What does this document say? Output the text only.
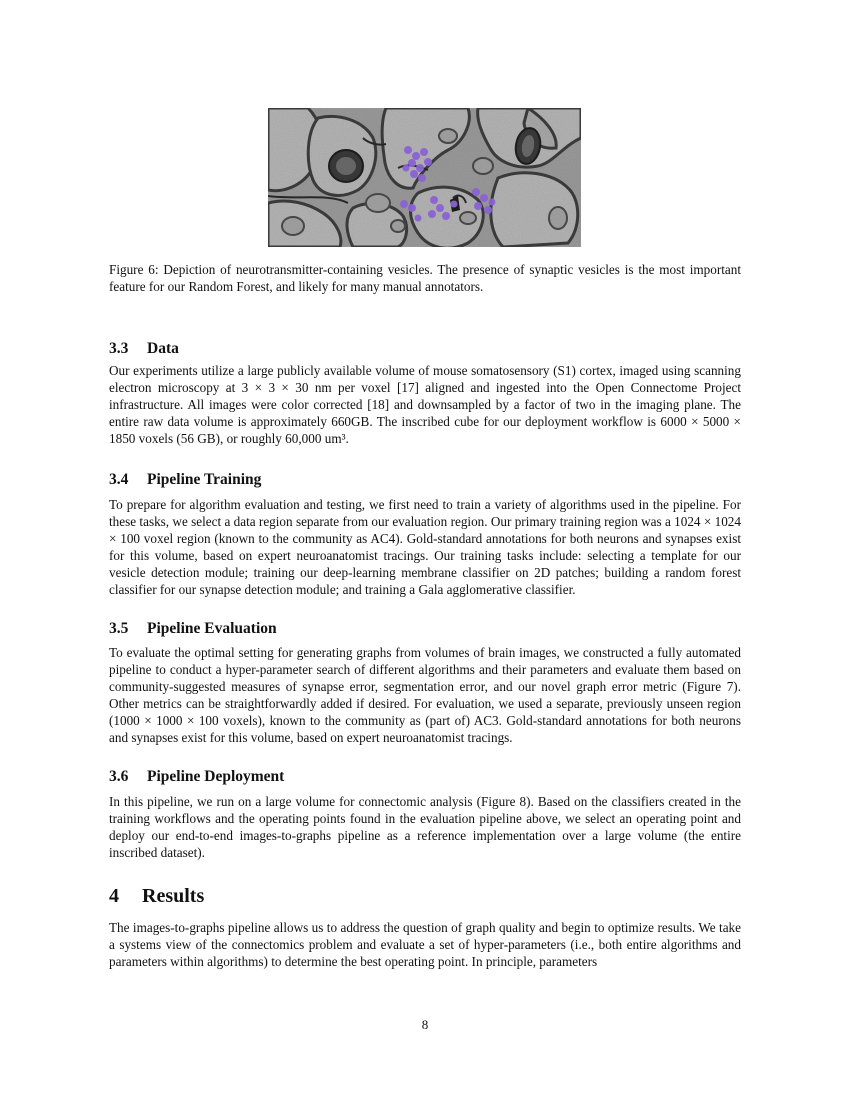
Figure 6: Depiction of neurotransmitter-containing vesicles. The presence of synaptic vesicles is the most important feature for our Random Forest, and likely for many manual annotators.
3.3 Data
Our experiments utilize a large publicly available volume of mouse somatosensory (S1) cortex, imaged using scanning electron microscopy at 3 × 3 × 30 nm per voxel [17] aligned and ingested into the Open Connectome Project infrastructure. All images were color corrected [18] and downsampled by a factor of two in the imaging plane. The entire raw data volume is approximately 660GB. The inscribed cube for our deployment workflow is 6000 × 5000 × 1850 voxels (56 GB), or roughly 60,000 um³.
3.4 Pipeline Training
To prepare for algorithm evaluation and testing, we first need to train a variety of algorithms used in the pipeline. For these tasks, we select a data region separate from our evaluation region. Our primary training region was a 1024 × 1024 × 100 voxel region (known to the community as AC4). Gold-standard annotations for both neurons and synapses exist for this volume, based on expert neuroanatomist tracings. Our training tasks include: selecting a template for our vesicle detection module; training our deep-learning membrane classifier on 2D patches; building a random forest classifier for our synapse detection module; and training a Gala agglomerative classifier.
3.5 Pipeline Evaluation
To evaluate the optimal setting for generating graphs from volumes of brain images, we constructed a fully automated pipeline to conduct a hyper-parameter search of different algorithms and their parameters and evaluate them based on community-suggested measures of synapse error, segmentation error, and our novel graph error metric (Figure 7). Other metrics can be straightforwardly added if desired. For evaluation, we used a separate, previously unseen region (1000 × 1000 × 100 voxels), known to the community as (part of) AC3. Gold-standard annotations for both neurons and synapses exist for this volume, based on expert neuroanatomist tracings.
3.6 Pipeline Deployment
In this pipeline, we run on a large volume for connectomic analysis (Figure 8). Based on the classifiers created in the training workflows and the operating points found in the evaluation pipeline above, we select an operating point and deploy our end-to-end images-to-graphs pipeline as a reference implementation over a large volume (the entire inscribed dataset).
4 Results
The images-to-graphs pipeline allows us to address the question of graph quality and begin to optimize results. We take a systems view of the connectomics problem and evaluate a set of hyper-parameters (i.e., both entire algorithms and parameters within algorithms) to determine the best operating point. In principle, parameters
8
